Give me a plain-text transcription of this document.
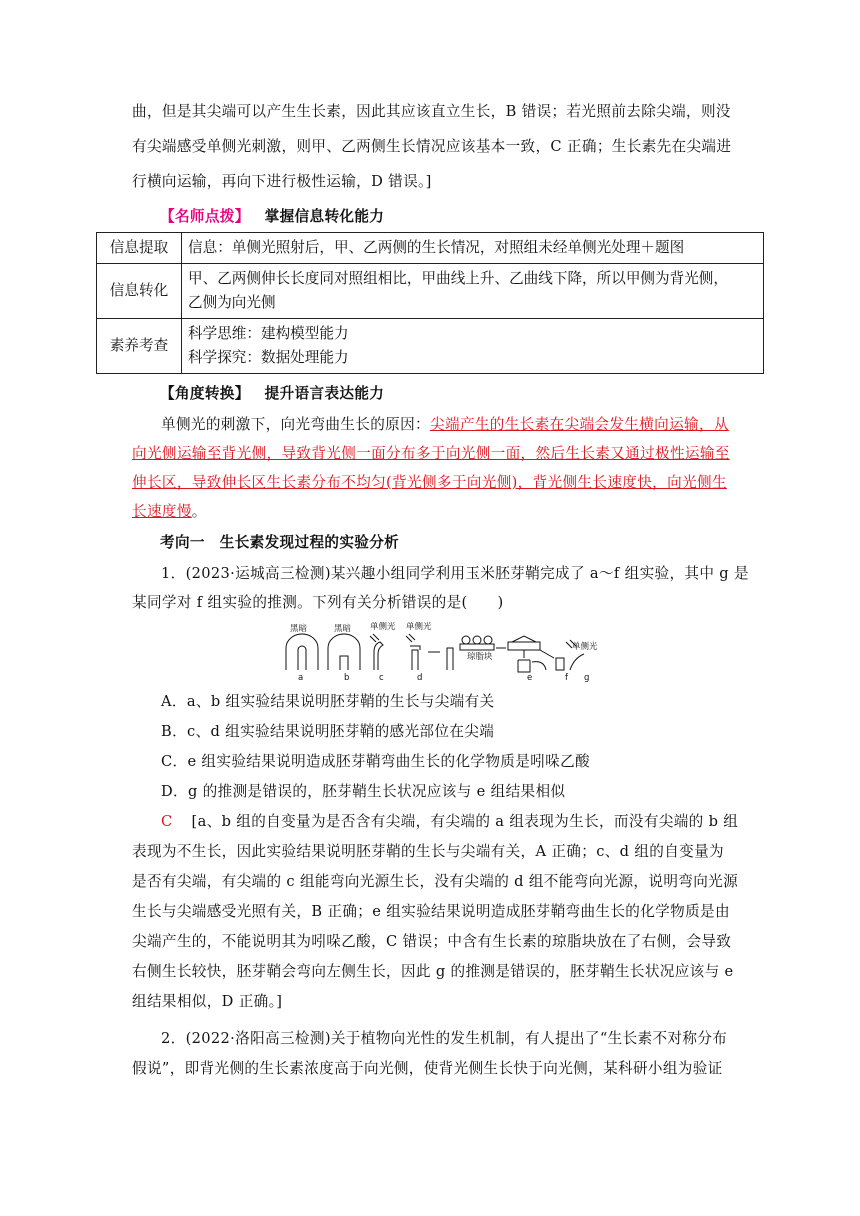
曲，但是其尖端可以产生生长素，因此其应该直立生长，B 错误；若光照前去除尖端，则没
有尖端感受单侧光刺激，则甲、乙两侧生长情况应该基本一致，C 正确；生长素先在尖端进
行横向运输，再向下进行极性运输，D 错误。]
【名师点拨】 掌握信息转化能力
信息提取	信息：单侧光照射后，甲、乙两侧的生长情况，对照组未经单侧光处理＋题图

信息转化	甲、乙两侧伸长长度同对照组相比，甲曲线上升、乙曲线下降，所以甲侧为背光侧，
乙侧为向光侧

素养考查	科学思维：建构模型能力
科学探究：数据处理能力
【角度转换】 提升语言表达能力
单侧光的刺激下，向光弯曲生长的原因：尖端产生的生长素在尖端会发生横向运输，从
向光侧运输至背光侧，导致背光侧一面分布多于向光侧一面，然后生长素又通过极性运输至
伸长区，导致伸长区生长素分布不均匀(背光侧多于向光侧)，背光侧生长速度快，向光侧生
长速度慢。
考向一　生长素发现过程的实验分析
1．(2023·运城高三检测)某兴趣小组同学利用玉米胚芽鞘完成了 a～f 组实验，其中 g 是
某同学对 f 组实验的推测。下列有关分析错误的是(　　)
黑暗	黑暗 单侧光 单侧光
单侧光
琼脂块
a	b	c	d	e	f g
A．a、b 组实验结果说明胚芽鞘的生长与尖端有关
B．c、d 组实验结果说明胚芽鞘的感光部位在尖端
C．e 组实验结果说明造成胚芽鞘弯曲生长的化学物质是吲哚乙酸
D．g 的推测是错误的，胚芽鞘生长状况应该与 e 组结果相似
C [a、b 组的自变量为是否含有尖端，有尖端的 a 组表现为生长，而没有尖端的 b 组
表现为不生长，因此实验结果说明胚芽鞘的生长与尖端有关，A 正确；c、d 组的自变量为
是否有尖端，有尖端的 c 组能弯向光源生长，没有尖端的 d 组不能弯向光源，说明弯向光源
生长与尖端感受光照有关，B 正确；e 组实验结果说明造成胚芽鞘弯曲生长的化学物质是由
尖端产生的，不能说明其为吲哚乙酸，C 错误；中含有生长素的琼脂块放在了右侧，会导致
右侧生长较快，胚芽鞘会弯向左侧生长，因此 g 的推测是错误的，胚芽鞘生长状况应该与 e
组结果相似，D 正确。]
2．(2022·洛阳高三检测)关于植物向光性的发生机制，有人提出了“生长素不对称分布
假说”，即背光侧的生长素浓度高于向光侧，使背光侧生长快于向光侧，某科研小组为验证
